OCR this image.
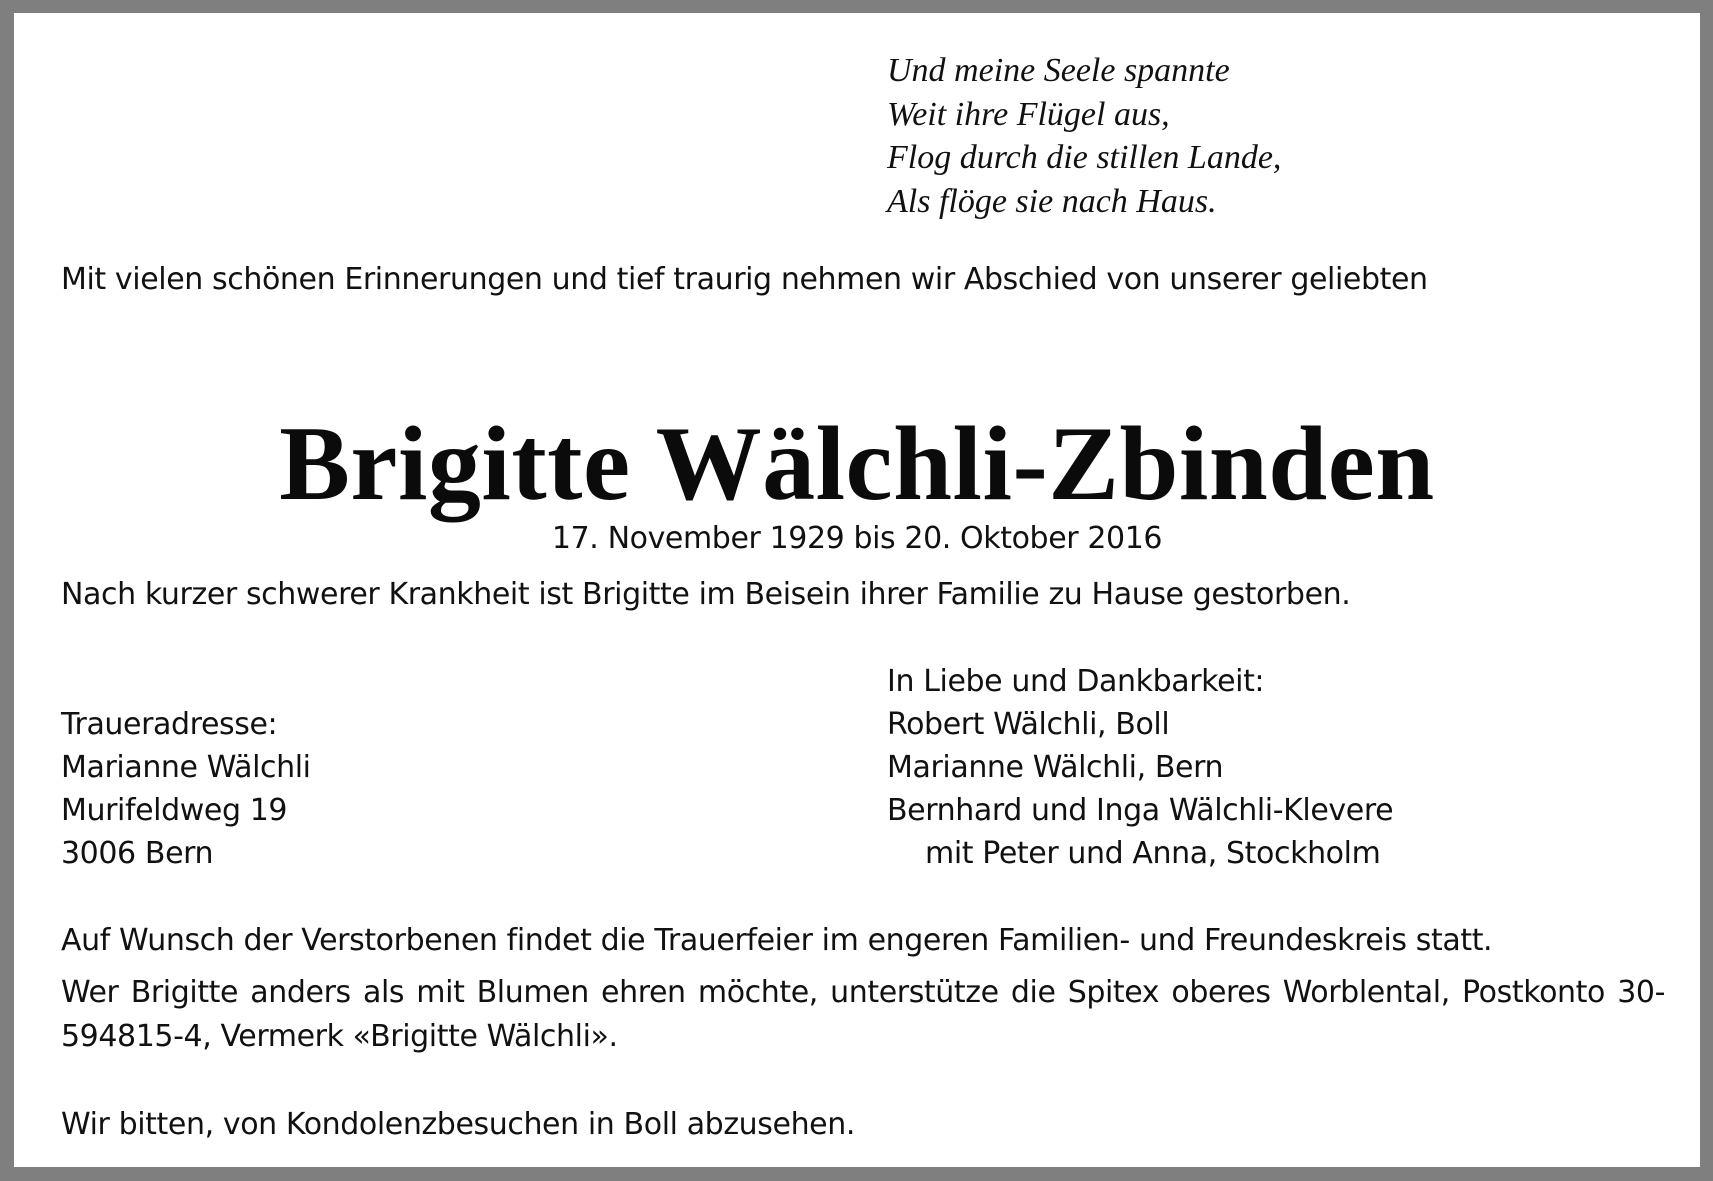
Und meine Seele spannte
Weit ihre Flügel aus,
Flog durch die stillen Lande,
Als flöge sie nach Haus.

Mit vielen schönen Erinnerungen und tief traurig nehmen wir Abschied von unserer geliebten

Brigitte Wälchli-Zbinden

17. November 1929 bis 20. Oktober 2016

Nach kurzer schwerer Krankheit ist Brigitte im Beisein ihrer Familie zu Hause gestorben.

Traueradresse:
Marianne Wälchli
Murifeldweg 19
3006 Bern
In Liebe und Dankbarkeit:
Robert Wälchli, Boll
Marianne Wälchli, Bern
Bernhard und Inga Wälchli-Klevere
mit Peter und Anna, Stockholm

Auf Wunsch der Verstorbenen findet die Trauerfeier im engeren Familien- und Freundeskreis statt.

Wer Brigitte anders als mit Blumen ehren möchte, unterstütze die Spitex oberes Worblental, Postkonto 30-594815-4, Vermerk «Brigitte Wälchli».

Wir bitten, von Kondolenzbesuchen in Boll abzusehen.
